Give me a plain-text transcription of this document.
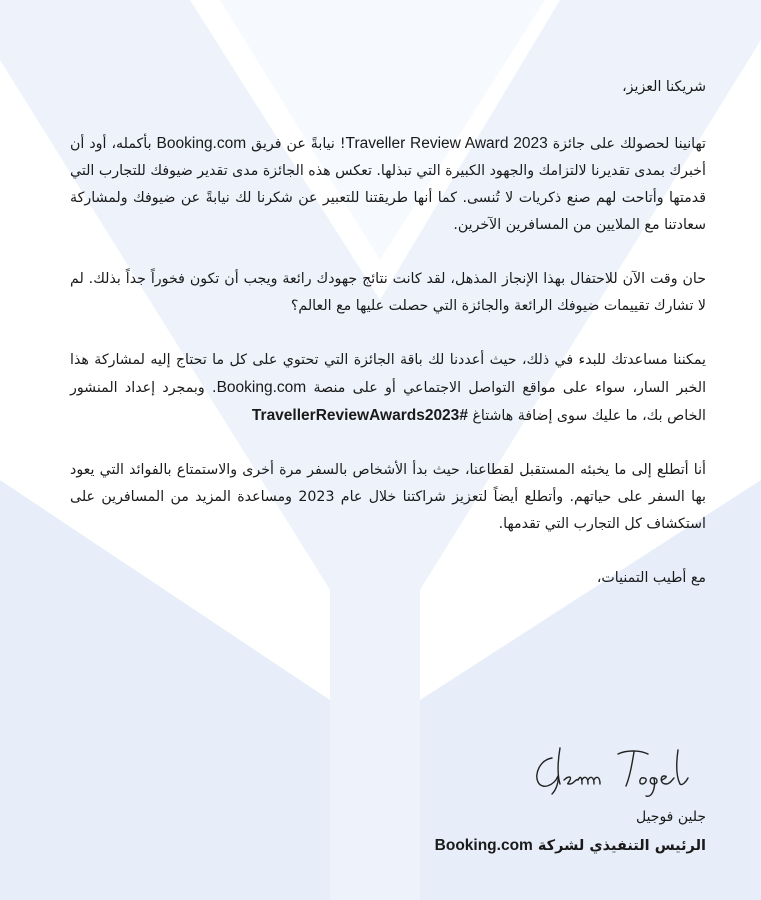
شريكنا العزيز،

تهانينا لحصولك على جائزة Traveller Review Award 2023! نيابةً عن فريق Booking.com بأكمله، أود أن أخبرك بمدى تقديرنا لالتزامك والجهود الكبيرة التي تبذلها. تعكس هذه الجائزة مدى تقدير ضيوفك للتجارب التي قدمتها وأتاحت لهم صنع ذكريات لا تُنسى. كما أنها طريقتنا للتعبير عن شكرنا لك نيابةً عن ضيوفك ولمشاركة سعادتنا مع الملايين من المسافرين الآخرين.

حان وقت الآن للاحتفال بهذا الإنجاز المذهل، لقد كانت نتائج جهودك رائعة ويجب أن تكون فخوراً جداً بذلك. لم لا تشارك تقييمات ضيوفك الرائعة والجائزة التي حصلت عليها مع العالم؟

يمكننا مساعدتك للبدء في ذلك، حيث أعددنا لك باقة الجائزة التي تحتوي على كل ما تحتاج إليه لمشاركة هذا الخبر السار، سواء على مواقع التواصل الاجتماعي أو على منصة Booking.com. وبمجرد إعداد المنشور الخاص بك، ما عليك سوى إضافة هاشتاغ #TravellerReviewAwards2023

أنا أتطلع إلى ما يخبئه المستقبل لقطاعنا، حيث بدأ الأشخاص بالسفر مرة أخرى والاستمتاع بالفوائد التي يعود بها السفر على حياتهم. وأتطلع أيضاً لتعزيز شراكتنا خلال عام 2023 ومساعدة المزيد من المسافرين على استكشاف كل التجارب التي تقدمها.

مع أطيب التمنيات،

جلين فوجيل
الرئيس التنفيذي لشركة Booking.com
